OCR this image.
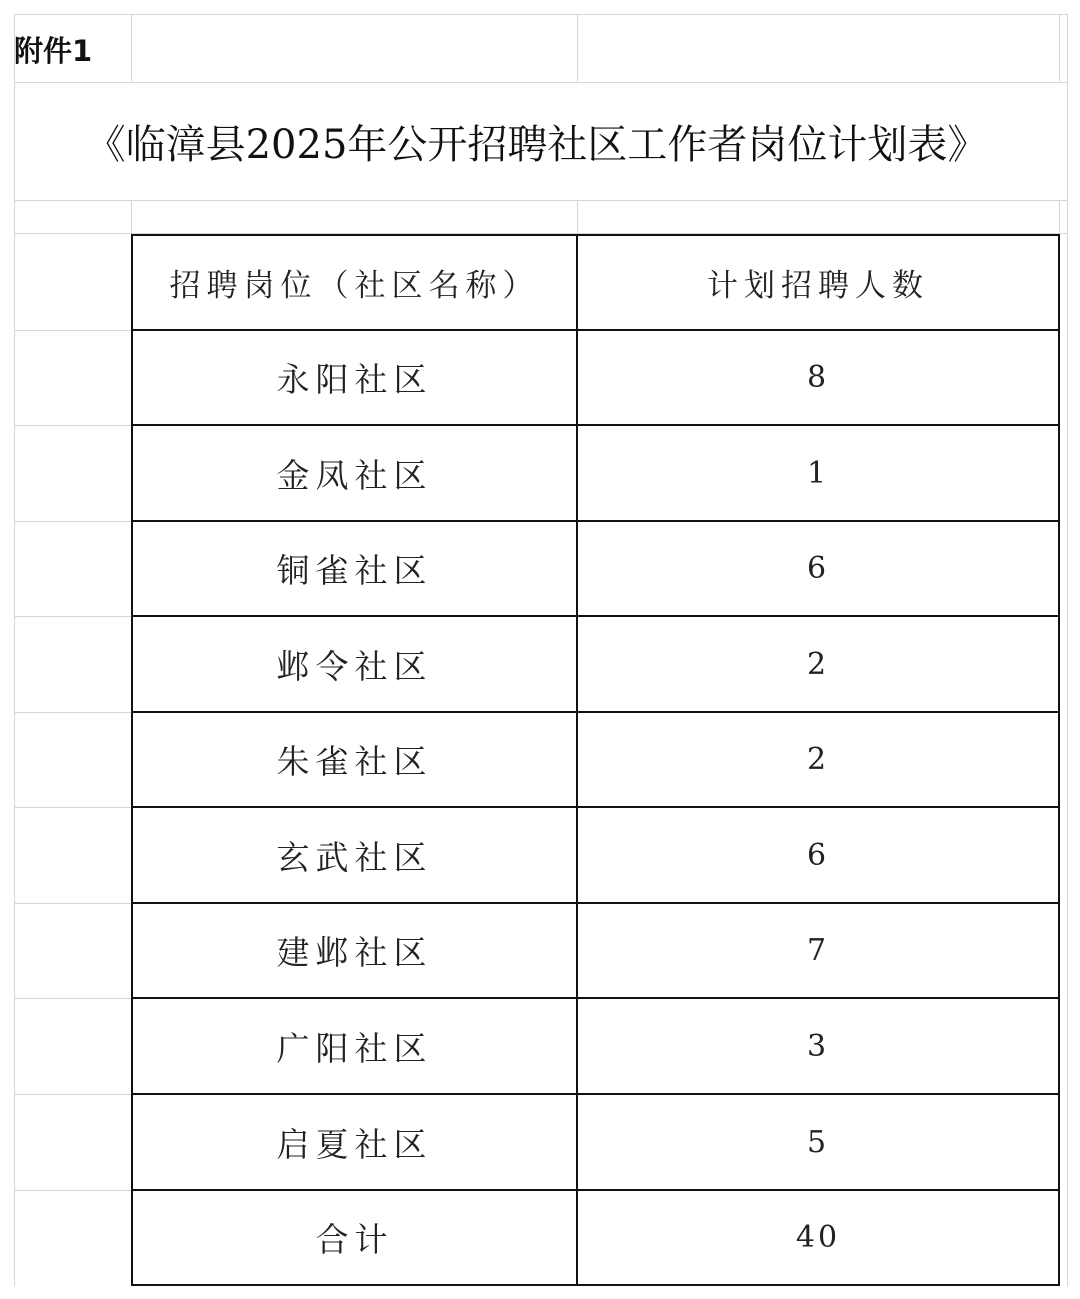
附件1
《临漳县2025年公开招聘社区工作者岗位计划表》
招聘岗位（社区名称）	计划招聘人数
永阳社区	8
金凤社区	1
铜雀社区	6
邺令社区	2
朱雀社区	2
玄武社区	6
建邺社区	7
广阳社区	3
启夏社区	5
合计	40
